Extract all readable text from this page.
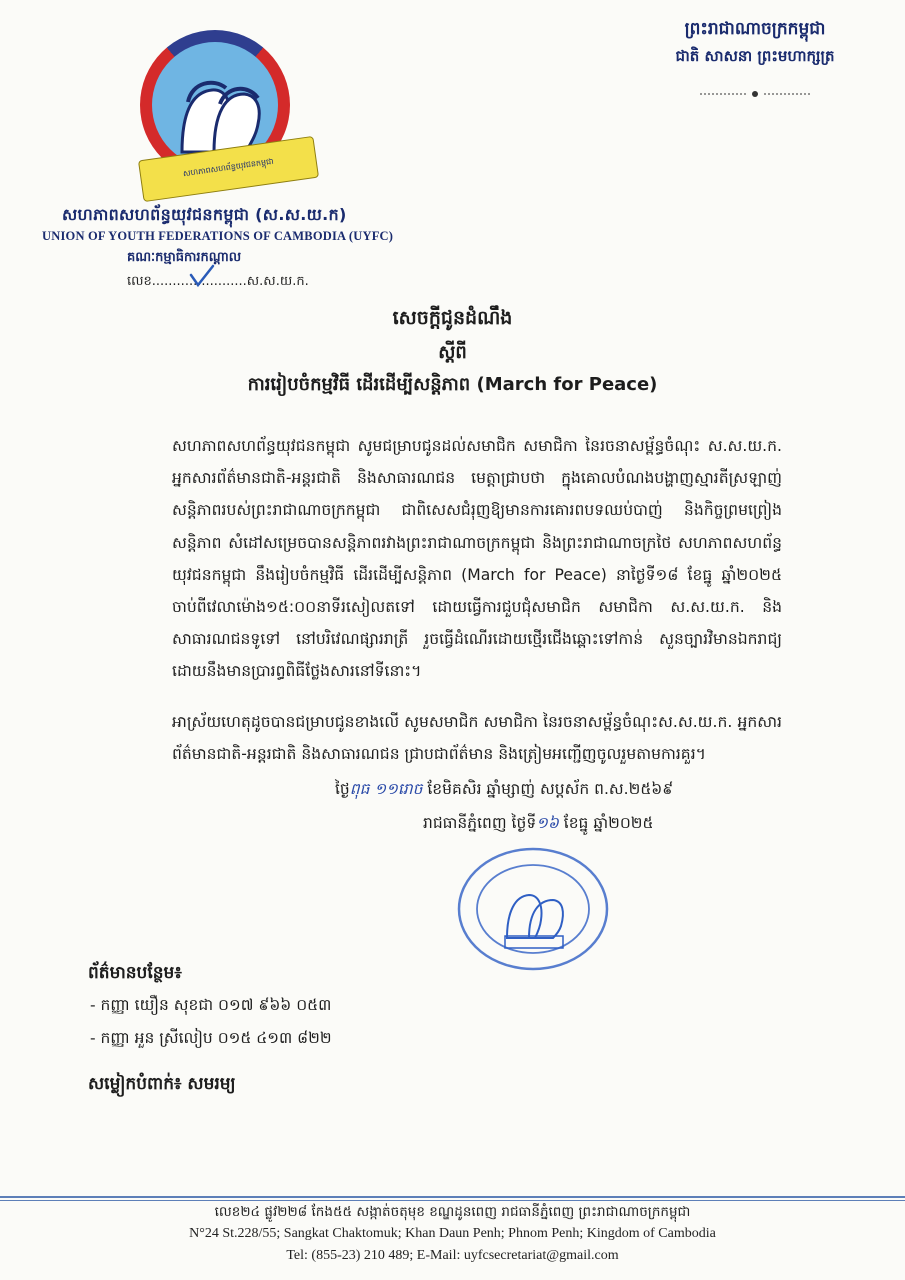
សហភាពសហព័ន្ធយុវជនកម្ពុជា
សហភាពសហព័ន្ធយុវជនកម្ពុជា (ស.ស.យ.ក)
UNION OF YOUTH FEDERATIONS OF CAMBODIA (UYFC)
គណៈកម្មាធិការកណ្តាល
លេខ.......................ស.ស.យ.ក.
ព្រះរាជាណាចក្រកម្ពុជា
ជាតិ សាសនា ព្រះមហាក្សត្រ
សេចក្តីជូនដំណឹង
ស្តីពី
ការរៀបចំកម្មវិធី ដើរដើម្បីសន្តិភាព (March for Peace)
សហភាពសហព័ន្ធយុវជនកម្ពុជា សូមជម្រាបជូនដល់សមាជិក សមាជិកា នៃរចនាសម្ព័ន្ធចំណុះ ស.ស.យ.ក. អ្នកសារព័ត៌មានជាតិ-អន្តរជាតិ និងសាធារណជន មេត្តាជ្រាបថា ក្នុងគោលបំណងបង្ហាញស្មារតីស្រឡាញ់សន្តិភាពរបស់ព្រះរាជាណាចក្រកម្ពុជា ជាពិសេសជំរុញឱ្យមានការគោរពបទឈប់បាញ់ និងកិច្ចព្រមព្រៀងសន្តិភាព សំដៅសម្រេចបានសន្តិភាពរវាងព្រះរាជាណាចក្រកម្ពុជា និងព្រះរាជាណាចក្រថៃ សហភាពសហព័ន្ធយុវជនកម្ពុជា នឹងរៀបចំកម្មវិធី ដើរដើម្បីសន្តិភាព (March for Peace) នាថ្ងៃទី១៨ ខែធ្នូ ឆ្នាំ២០២៥ ចាប់ពីវេលាម៉ោង១៥:០០នាទីរសៀលតទៅ ដោយធ្វើការជួបជុំសមាជិក សមាជិកា ស.ស.យ.ក. និងសាធារណជនទូទៅ នៅបរិវេណផ្សាររាត្រី រួចធ្វើដំណើរដោយថ្មើរជើងឆ្ពោះទៅកាន់ សួនច្បារវិមានឯករាជ្យ ដោយនឹងមានប្រារព្ធពិធីថ្លែងសារនៅទីនោះ។
អាស្រ័យហេតុដូចបានជម្រាបជូនខាងលើ សូមសមាជិក សមាជិកា នៃរចនាសម្ព័ន្ធចំណុះស.ស.យ.ក. អ្នកសារព័ត៌មានជាតិ-អន្តរជាតិ និងសាធារណជន ជ្រាបជាព័ត៌មាន និងត្រៀមអញ្ជើញចូលរួមតាមការគួរ។
ថ្ងៃពុធ ១១រោច ខែមិគសិរ ឆ្នាំម្សាញ់ សប្តស័ក ព.ស.២៥៦៩
រាជធានីភ្នំពេញ ថ្ងៃទី១៦ ខែធ្នូ ឆ្នាំ២០២៥
ព័ត៌មានបន្ថែម៖
- កញ្ញា យឿន សុខជា ០១៧ ៩៦៦ ០៥៣
- កញ្ញា អួន ស្រីលៀប ០១៥ ៤១៣ ៨២២
សម្លៀកបំពាក់៖ សមរម្យ
លេខ២៤ ផ្លូវ២២៨ កែង៥៥ សង្កាត់ចតុមុខ ខណ្ឌដូនពេញ រាជធានីភ្នំពេញ ព្រះរាជាណាចក្រកម្ពុជា
N°24 St.228/55; Sangkat Chaktomuk; Khan Daun Penh; Phnom Penh; Kingdom of Cambodia
Tel: (855-23) 210 489; E-Mail: uyfcsecretariat@gmail.com
